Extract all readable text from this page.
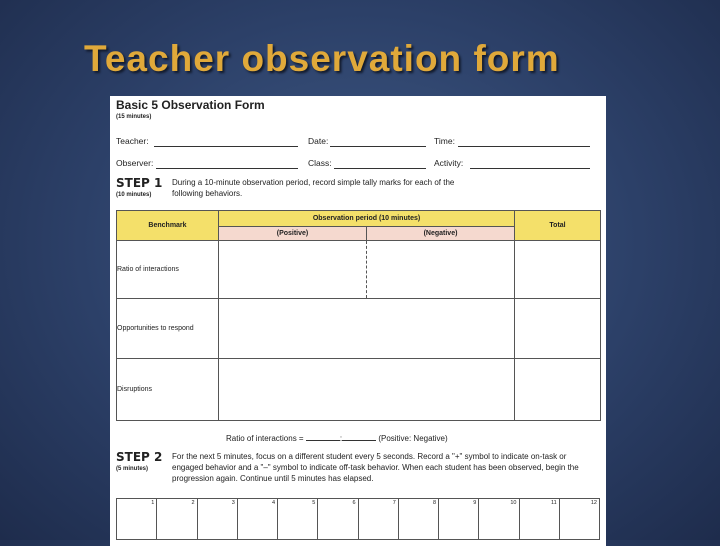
Teacher observation form
Basic 5 Observation Form
(15 minutes)
Teacher:	Date:	Time:
Observer:	Class:	Activity:
STEP 1
(10 minutes)
During a 10-minute observation period, record simple tally marks for each of the following behaviors.
Benchmark	Observation period (10 minutes)		Total
	(Positive)	(Negative)	
Ratio of interactions			
Opportunities to respond			
Disruptions			
Ratio of interactions =	:	(Positive: Negative)
STEP 2
(5 minutes)
For the next 5 minutes, focus on a different student every 5 seconds. Record a "+" symbol to indicate on-task or engaged behavior and a "–" symbol to indicate off-task behavior. When each student has been observed, begin the progression again. Continue until 5 minutes has elapsed.
1	2	3	4	5	6	7	8	9	10	11	12
